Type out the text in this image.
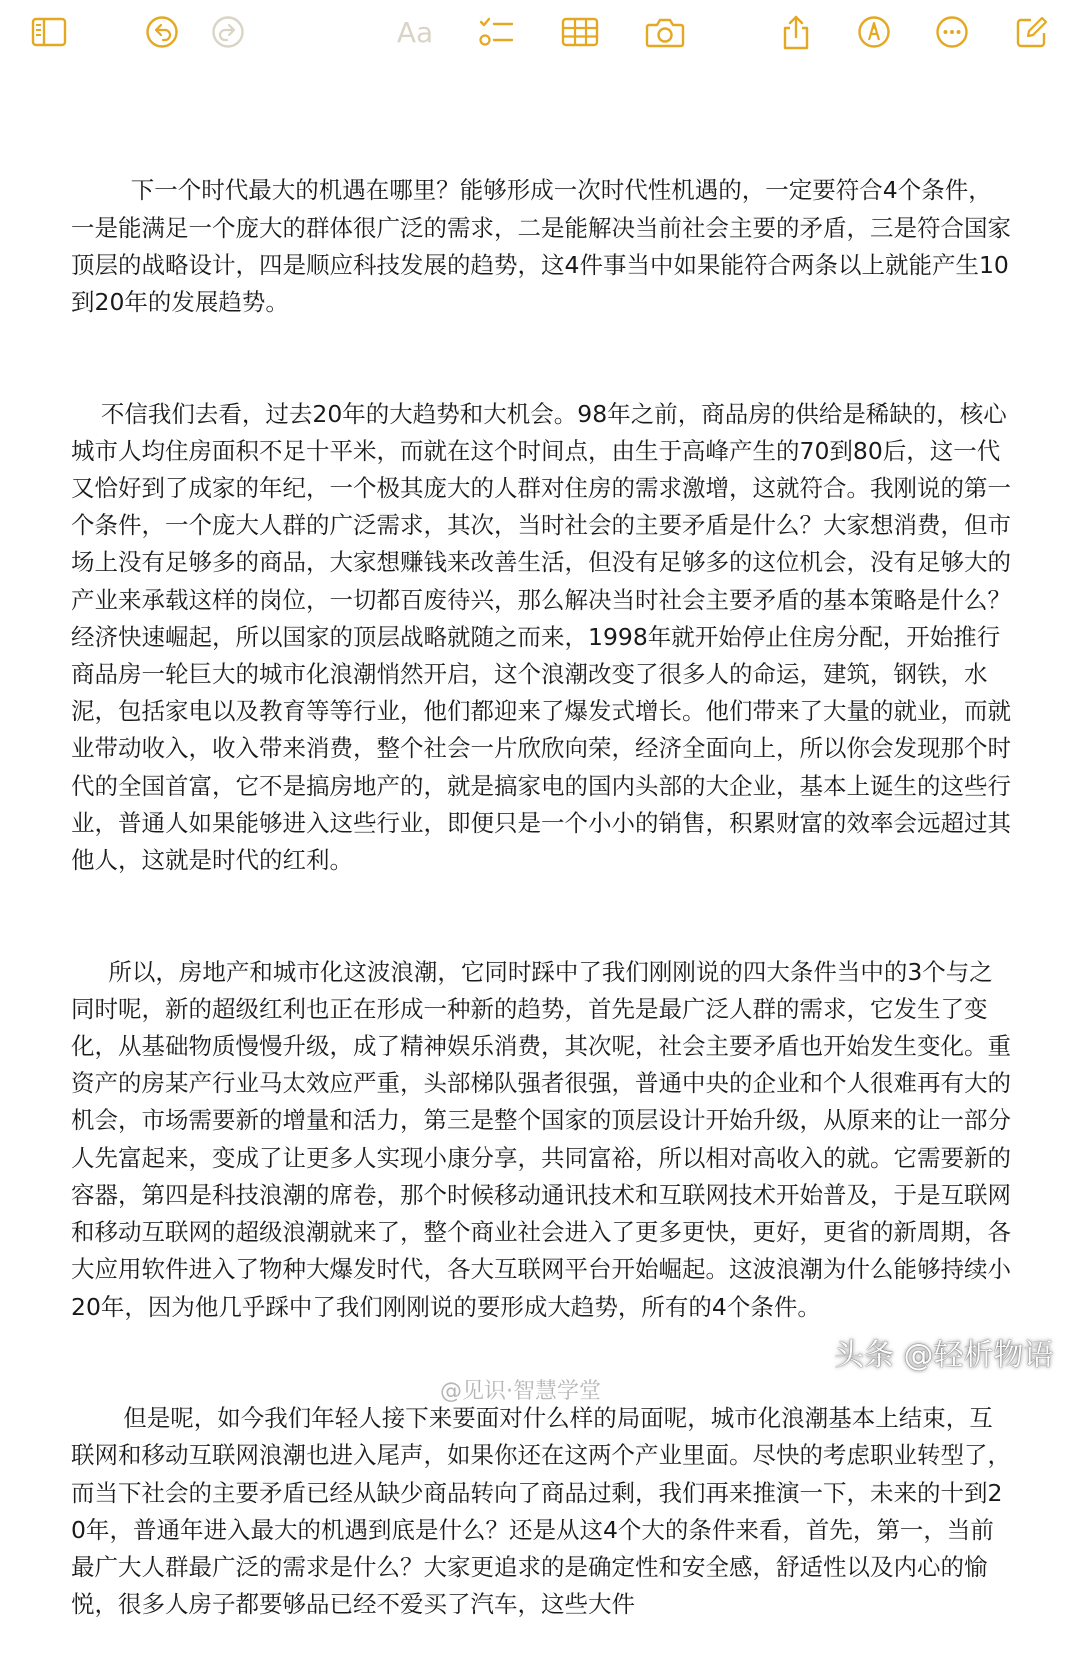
Aa

下一个时代最大的机遇在哪里？能够形成一次时代性机遇的，一定要符合4个条件，一是能满足一个庞大的群体很广泛的需求，二是能解决当前社会主要的矛盾，三是符合国家顶层的战略设计，四是顺应科技发展的趋势，这4件事当中如果能符合两条以上就能产生10到20年的发展趋势。

不信我们去看，过去20年的大趋势和大机会。98年之前，商品房的供给是稀缺的，核心城市人均住房面积不足十平米，而就在这个时间点，由生于高峰产生的70到80后，这一代又恰好到了成家的年纪，一个极其庞大的人群对住房的需求激增，这就符合。我刚说的第一个条件，一个庞大人群的广泛需求，其次，当时社会的主要矛盾是什么？大家想消费，但市场上没有足够多的商品，大家想赚钱来改善生活，但没有足够多的这位机会，没有足够大的产业来承载这样的岗位，一切都百废待兴，那么解决当时社会主要矛盾的基本策略是什么？经济快速崛起，所以国家的顶层战略就随之而来，1998年就开始停止住房分配，开始推行商品房一轮巨大的城市化浪潮悄然开启，这个浪潮改变了很多人的命运，建筑，钢铁，水泥，包括家电以及教育等等行业，他们都迎来了爆发式增长。他们带来了大量的就业，而就业带动收入，收入带来消费，整个社会一片欣欣向荣，经济全面向上，所以你会发现那个时代的全国首富，它不是搞房地产的，就是搞家电的国内头部的大企业，基本上诞生的这些行业，普通人如果能够进入这些行业，即便只是一个小小的销售，积累财富的效率会远超过其他人，这就是时代的红利。

所以，房地产和城市化这波浪潮，它同时踩中了我们刚刚说的四大条件当中的3个与之同时呢，新的超级红利也正在形成一种新的趋势，首先是最广泛人群的需求，它发生了变化，从基础物质慢慢升级，成了精神娱乐消费，其次呢，社会主要矛盾也开始发生变化。重资产的房某产行业马太效应严重，头部梯队强者很强，普通中央的企业和个人很难再有大的机会，市场需要新的增量和活力，第三是整个国家的顶层设计开始升级，从原来的让一部分人先富起来，变成了让更多人实现小康分享，共同富裕，所以相对高收入的就。它需要新的容器，第四是科技浪潮的席卷，那个时候移动通讯技术和互联网技术开始普及，于是互联网和移动互联网的超级浪潮就来了，整个商业社会进入了更多更快，更好，更省的新周期，各大应用软件进入了物种大爆发时代，各大互联网平台开始崛起。这波浪潮为什么能够持续小20年，因为他几乎踩中了我们刚刚说的要形成大趋势，所有的4个条件。

但是呢，如今我们年轻人接下来要面对什么样的局面呢，城市化浪潮基本上结束，互联网和移动互联网浪潮也进入尾声，如果你还在这两个产业里面。尽快的考虑职业转型了，而当下社会的主要矛盾已经从缺少商品转向了商品过剩，我们再来推演一下，未来的十到20年，普通年进入最大的机遇到底是什么？还是从这4个大的条件来看，首先，第一，当前最广大人群最广泛的需求是什么？大家更追求的是确定性和安全感，舒适性以及内心的愉悦，很多人房子都要够品已经不爱买了汽车，这些大件

@见识·智慧学堂
头条 @轻析物语
